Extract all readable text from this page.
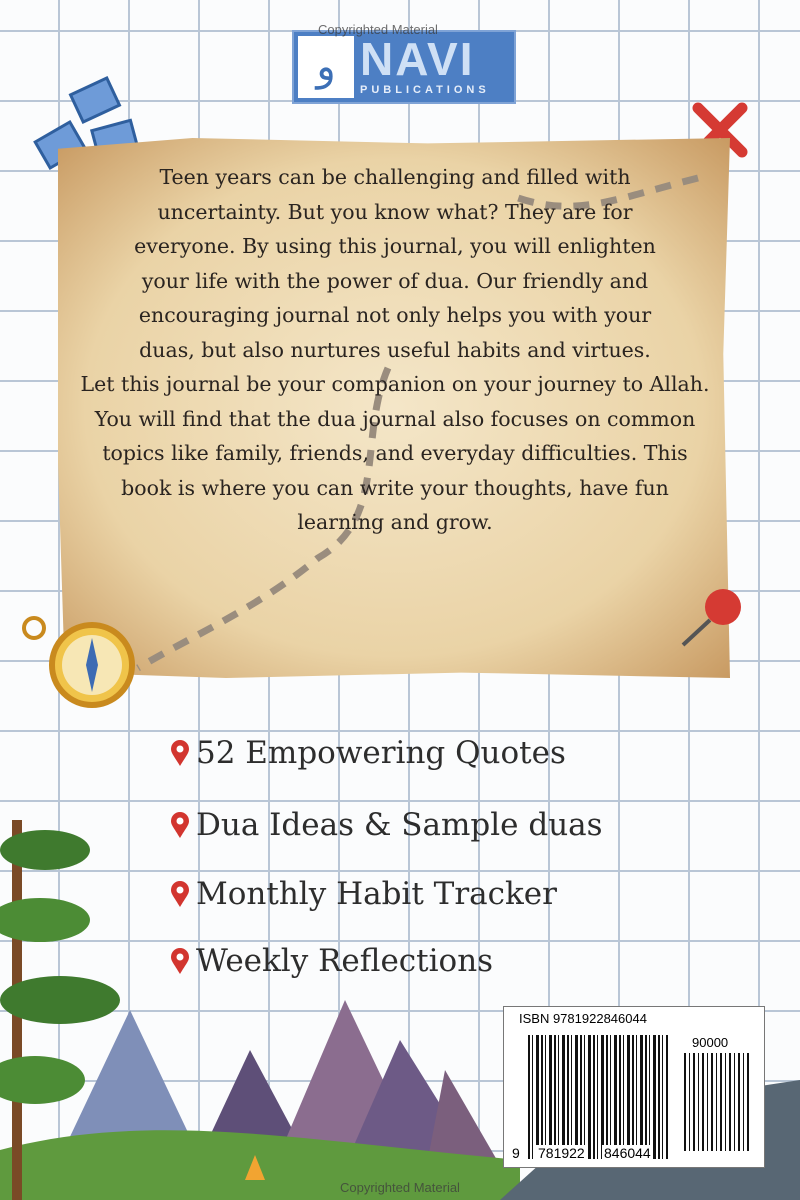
Copyrighted Material
و NAVI
PUBLICATIONS

Teen years can be challenging and filled with uncertainty. But you know what? They are for everyone. By using this journal, you will enlighten your life with the power of dua. Our friendly and encouraging journal not only helps you with your duas, but also nurtures useful habits and virtues.

Let this journal be your companion on your journey to Allah. You will find that the dua journal also focuses on common topics like family, friends, and everyday difficulties. This book is where you can write your thoughts, have fun learning and grow.

52 Empowering Quotes
Dua Ideas & Sample duas
Monthly Habit Tracker
Weekly Reflections
ISBN 9781922846044
90000
9 781922 846044
Copyrighted Material
